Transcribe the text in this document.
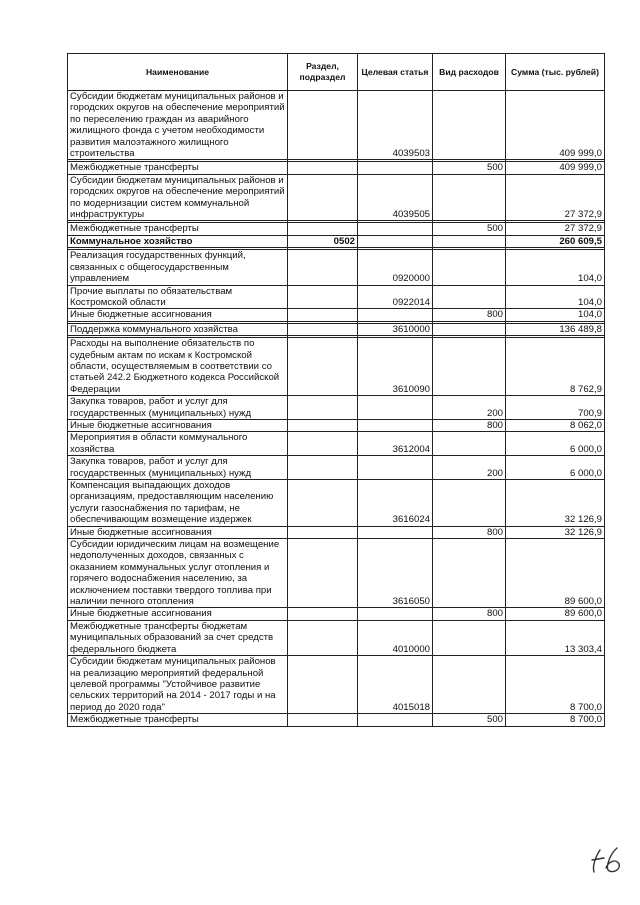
Наименование	Раздел, подраздел	Целевая статья	Вид расходов	Сумма (тыс. рублей)
Субсидии бюджетам муниципальных районов и городских округов на обеспечение мероприятий по переселению граждан из аварийного жилищного фонда с учетом необходимости развития малоэтажного жилищного строительства		4039503		409 999,0

Межбюджетные трансферты			500	409 999,0
Субсидии бюджетам муниципальных районов и городских округов на обеспечение мероприятий по модернизации систем коммунальной инфраструктуры		4039505		27 372,9

Межбюджетные трансферты			500	27 372,9
Коммунальное хозяйство	0502			260 609,5

Реализация государственных функций, связанных с общегосударственным управлением		0920000		104,0
Прочие выплаты по обязательствам Костромской области		0922014		104,0
Иные бюджетные ассигнования			800	104,0

Поддержка коммунального хозяйства		3610000		136 489,8

Расходы на выполнение обязательств по судебным актам по искам к Костромской области, осуществляемым в соответствии со статьей 242.2 Бюджетного кодекса Российской Федерации		3610090		8 762,9
Закупка товаров, работ и услуг для государственных (муниципальных) нужд			200	700,9
Иные бюджетные ассигнования			800	8 062,0
Мероприятия в области коммунального хозяйства		3612004		6 000,0
Закупка товаров, работ и услуг для государственных (муниципальных) нужд			200	6 000,0
Компенсация выпадающих доходов организациям, предоставляющим населению услуги газоснабжения по тарифам, не обеспечивающим возмещение издержек		3616024		32 126,9
Иные бюджетные ассигнования			800	32 126,9
Субсидии юридическим лицам на возмещение недополученных доходов, связанных с оказанием коммунальных услуг отопления и горячего водоснабжения населению, за исключением поставки твердого топлива при наличии печного отопления		3616050		89 600,0
Иные бюджетные ассигнования			800	89 600,0
Межбюджетные трансферты бюджетам муниципальных образований за счет средств федерального бюджета		4010000		13 303,4
Субсидии бюджетам муниципальных районов на реализацию мероприятий федеральной целевой программы "Устойчивое развитие сельских территорий на 2014 - 2017 годы и на период до 2020 года"		4015018		8 700,0
Межбюджетные трансферты			500	8 700,0
